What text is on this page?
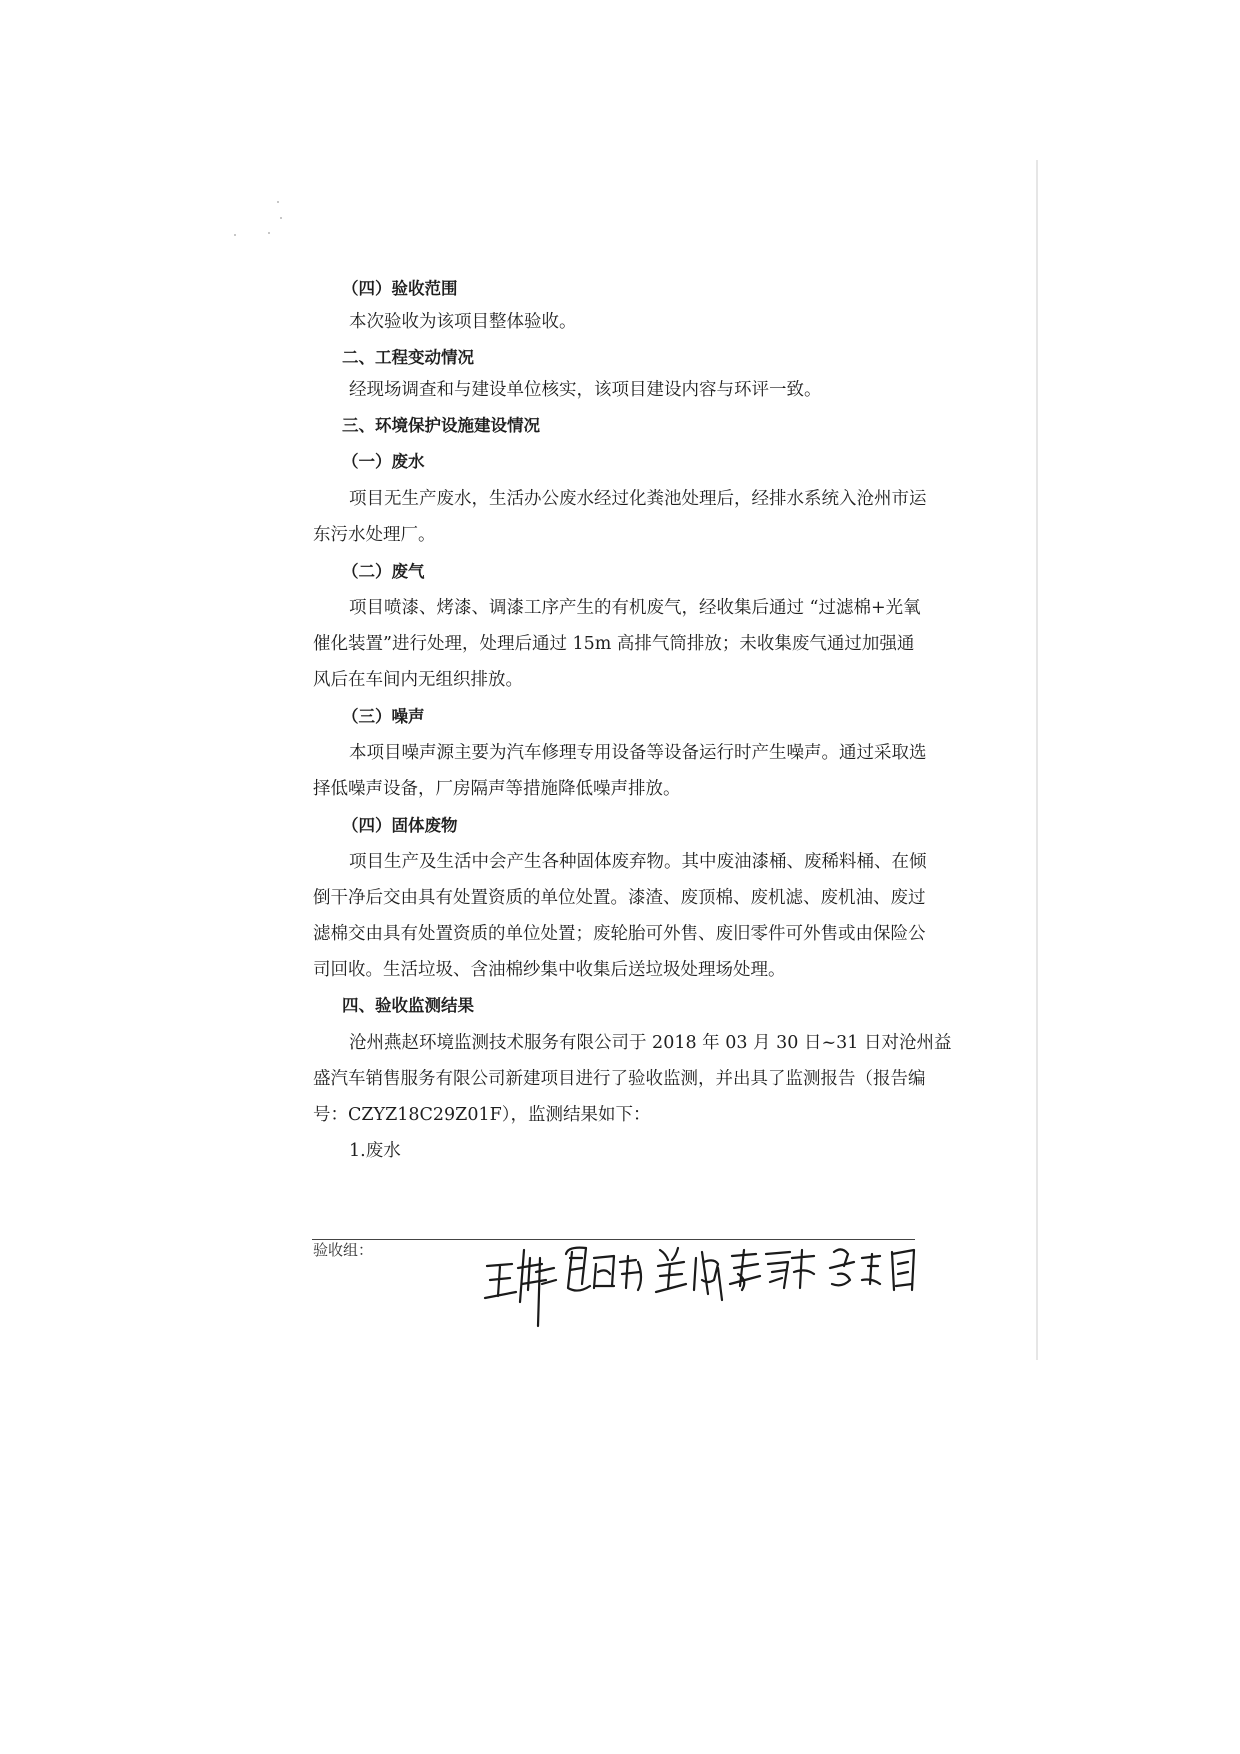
（四）验收范围
本次验收为该项目整体验收。
二、工程变动情况
经现场调查和与建设单位核实，该项目建设内容与环评一致。
三、环境保护设施建设情况
（一）废水
项目无生产废水，生活办公废水经过化粪池处理后，经排水系统入沧州市运
东污水处理厂。
（二）废气
项目喷漆、烤漆、调漆工序产生的有机废气，经收集后通过 “过滤棉+光氧
催化装置”进行处理，处理后通过 15m 高排气筒排放；未收集废气通过加强通
风后在车间内无组织排放。
（三）噪声
本项目噪声源主要为汽车修理专用设备等设备运行时产生噪声。通过采取选
择低噪声设备，厂房隔声等措施降低噪声排放。
（四）固体废物
项目生产及生活中会产生各种固体废弃物。其中废油漆桶、废稀料桶、在倾
倒干净后交由具有处置资质的单位处置。漆渣、废顶棉、废机滤、废机油、废过
滤棉交由具有处置资质的单位处置；废轮胎可外售、废旧零件可外售或由保险公
司回收。生活垃圾、含油棉纱集中收集后送垃圾处理场处理。
四、验收监测结果
沧州燕赵环境监测技术服务有限公司于 2018 年 03 月 30 日~31 日对沧州益
盛汽车销售服务有限公司新建项目进行了验收监测，并出具了监测报告（报告编
号：CZYZ18C29Z01F），监测结果如下：
1.废水
验收组：
